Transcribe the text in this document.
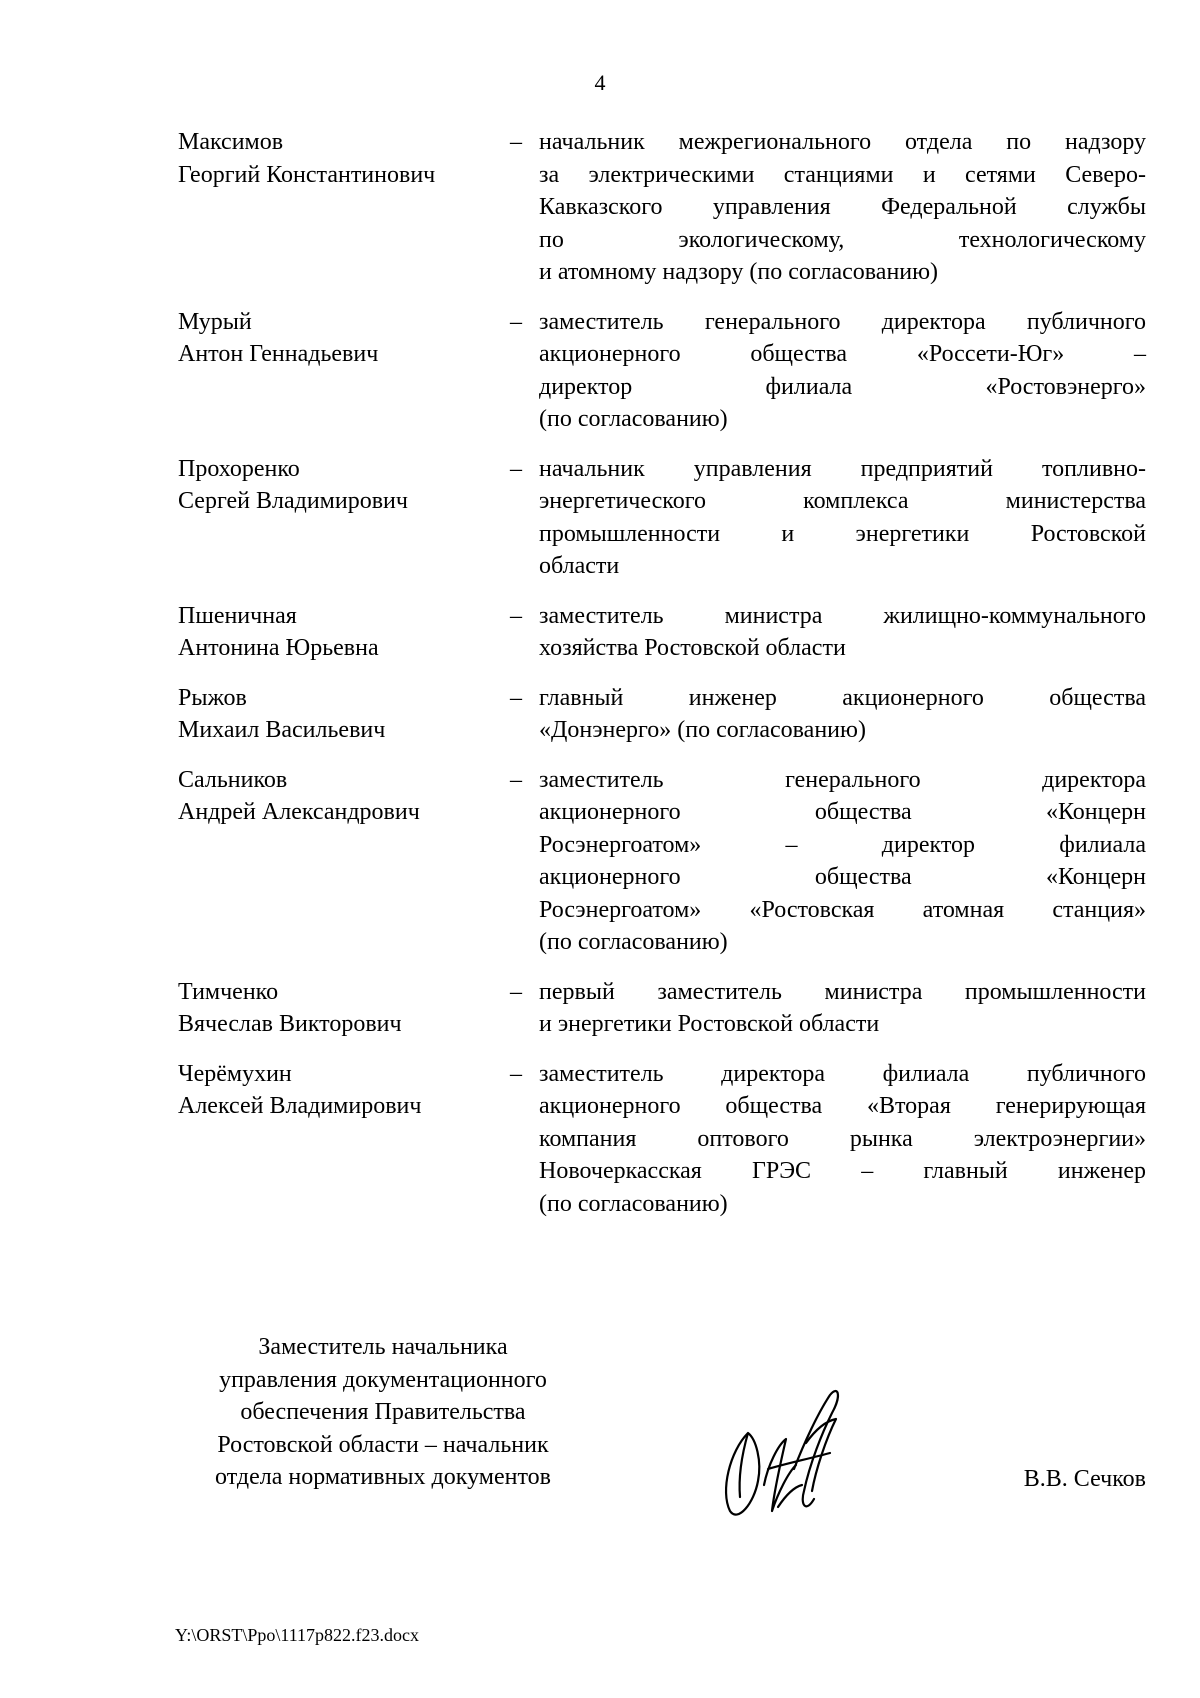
4
Максимов
Георгий Константинович
– начальник межрегионального отдела по надзору
за электрическими станциями и сетями Северо-
Кавказского управления Федеральной службы
по экологическому, технологическому
и атомному надзору (по согласованию)
Мурый
Антон Геннадьевич
– заместитель генерального директора публичного
акционерного общества «Россети-Юг» –
директор филиала «Ростовэнерго»
(по согласованию)
Прохоренко
Сергей Владимирович
– начальник управления предприятий топливно-
энергетического комплекса министерства
промышленности и энергетики Ростовской
области
Пшеничная
Антонина Юрьевна
– заместитель министра жилищно-коммунального
хозяйства Ростовской области
Рыжов
Михаил Васильевич
– главный инженер акционерного общества
«Донэнерго» (по согласованию)
Сальников
Андрей Александрович
– заместитель генерального директора
акционерного общества «Концерн
Росэнергоатом» – директор филиала
акционерного общества «Концерн
Росэнергоатом» «Ростовская атомная станция»
(по согласованию)
Тимченко
Вячеслав Викторович
– первый заместитель министра промышленности
и энергетики Ростовской области
Черёмухин
Алексей Владимирович
– заместитель директора филиала публичного
акционерного общества «Вторая генерирующая
компания оптового рынка электроэнергии»
Новочеркасская ГРЭС – главный инженер
(по согласованию)
Заместитель начальника
управления документационного
обеспечения Правительства
Ростовской области – начальник
отдела нормативных документов	В.В. Сечков
Y:\ORST\Ppo\1117p822.f23.docx
